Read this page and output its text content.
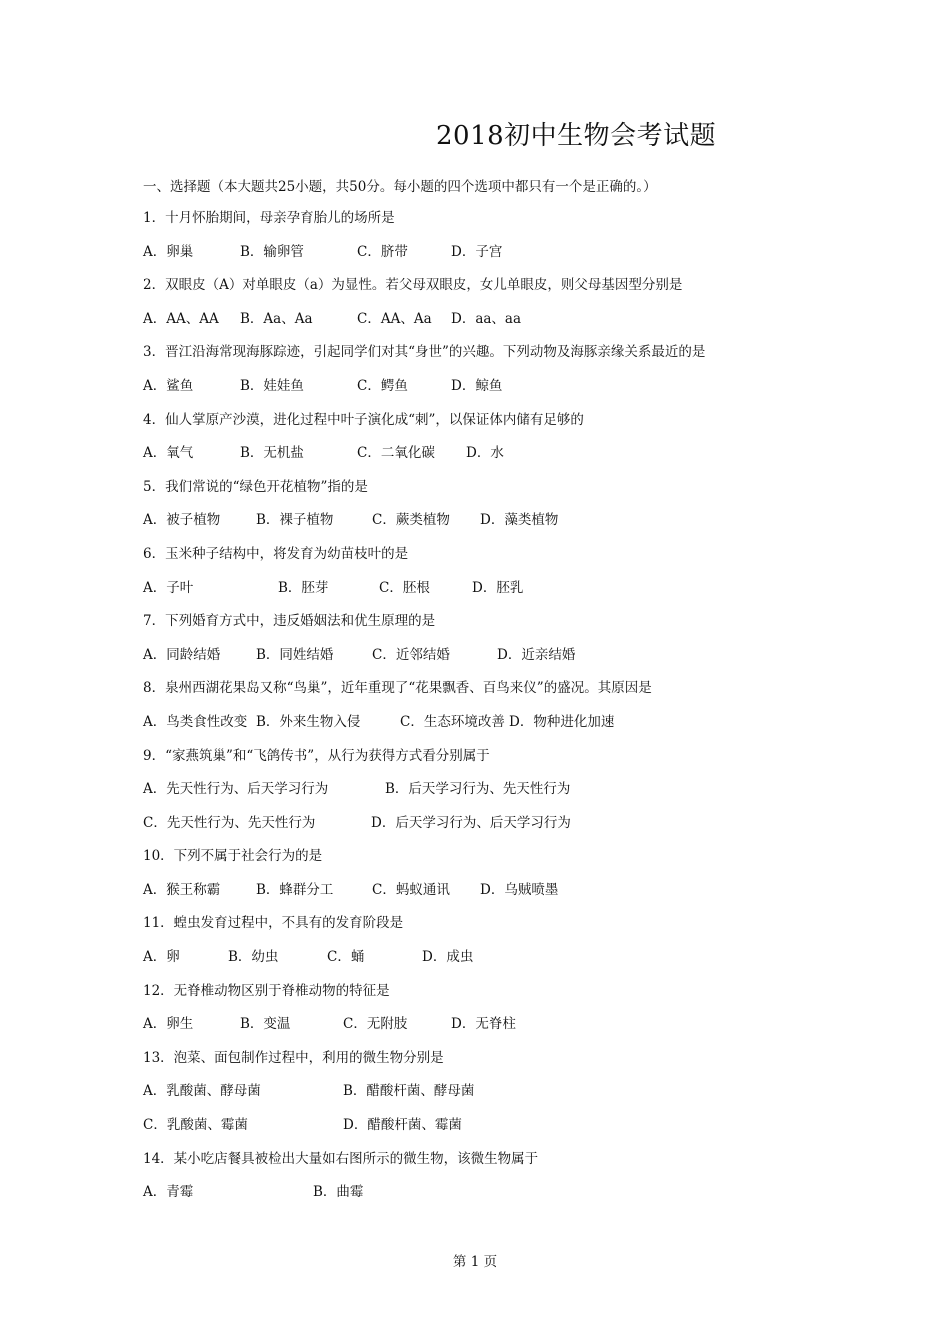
2018初中生物会考试题
一、选择题（本大题共25小题，共50分。每小题的四个选项中都只有一个是正确的。）
1．十月怀胎期间，母亲孕育胎儿的场所是
A．卵巢	B．输卵管	C．脐带	D．子宫
2．双眼皮（A）对单眼皮（a）为显性。若父母双眼皮，女儿单眼皮，则父母基因型分别是
A．AA、AA B．Aa、Aa	C．AA、Aa D．aa、aa
3．晋江沿海常现海豚踪迹，引起同学们对其“身世”的兴趣。下列动物及海豚亲缘关系最近的是
A．鲨鱼	B．娃娃鱼	C．鳄鱼	D．鲸鱼
4．仙人掌原产沙漠，进化过程中叶子演化成“刺”，以保证体内储有足够的
A．氧气	B．无机盐	C．二氧化碳 D．水
5．我们常说的“绿色开花植物”指的是
A．被子植物	B．裸子植物	C．蕨类植物 D．藻类植物
6．玉米种子结构中，将发育为幼苗枝叶的是
A．子叶	B．胚芽	C．胚根	D．胚乳
7．下列婚育方式中，违反婚姻法和优生原理的是
A．同龄结婚	B．同姓结婚	C．近邻结婚	D．近亲结婚
8．泉州西湖花果岛又称“鸟巢”，近年重现了“花果飘香、百鸟来仪”的盛况。其原因是
A．鸟类食性改变 B．外来生物入侵	C．生态环境改善 D．物种进化加速
9．“家燕筑巢”和“飞鸽传书”，从行为获得方式看分别属于
A．先天性行为、后天学习行为	B．后天学习行为、先天性行为
C．先天性行为、先天性行为	D．后天学习行为、后天学习行为
10．下列不属于社会行为的是
A．猴王称霸	B．蜂群分工	C．蚂蚁通讯 D．乌贼喷墨
11．蝗虫发育过程中，不具有的发育阶段是
A．卵	B．幼虫	C．蛹	D．成虫
12．无脊椎动物区别于脊椎动物的特征是
A．卵生	B．变温	C．无附肢	D．无脊柱
13．泡菜、面包制作过程中，利用的微生物分别是
A．乳酸菌、酵母菌	B．醋酸杆菌、酵母菌
C．乳酸菌、霉菌	D．醋酸杆菌、霉菌
14．某小吃店餐具被检出大量如右图所示的微生物，该微生物属于
A．青霉	B．曲霉
第 1 页
